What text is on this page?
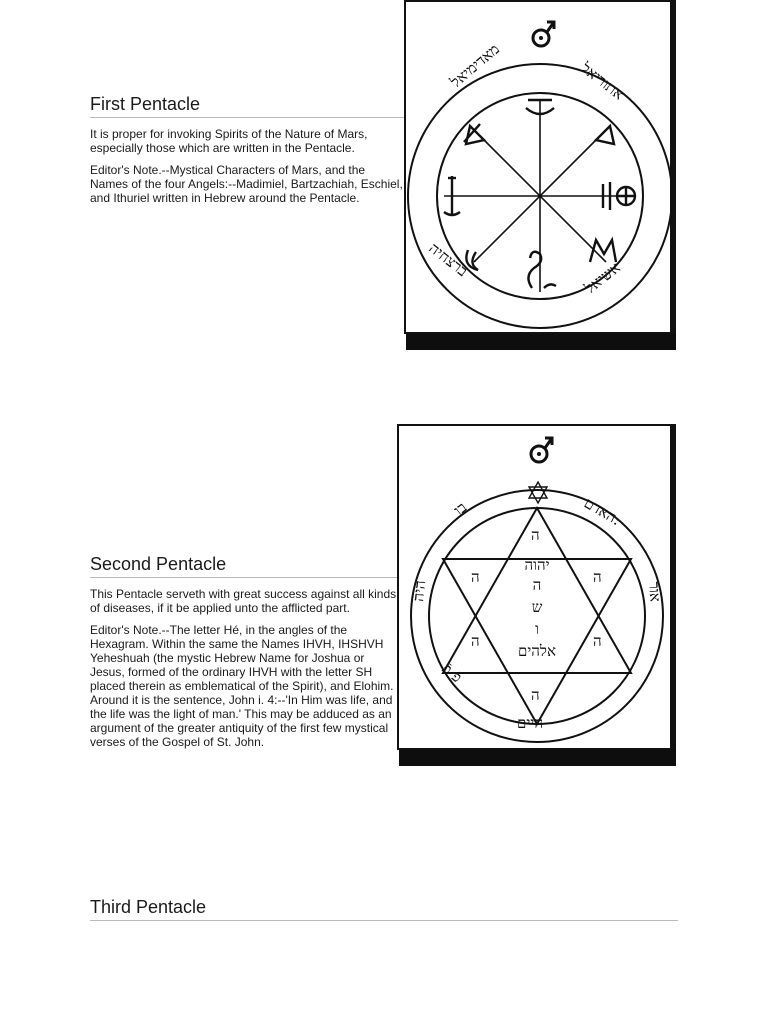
First Pentacle

It is proper for invoking Spirits of the Nature of Mars, especially those which are written in the Pentacle.

Editor's Note.--Mystical Characters of Mars, and the Names of the four Angels:--Madimiel, Bartzachiah, Eschiel, and Ithuriel written in Hebrew around the Pentacle.

מאדימיאל	אתוריאל
ברצחיה	אשיאל
Second Pentacle

This Pentacle serveth with great success against all kinds of diseases, if it be applied unto the afflicted part.

Editor's Note.--The letter Hé, in the angles of the Hexagram. Within the same the Names IHVH, IHSHVH Yeheshuah (the mystic Hebrew Name for Joshua or Jesus, formed of the ordinary IHVH with the letter SH placed therein as emblematical of the Spirit), and Elohim. Around it is the sentence, John i. 4:--'In Him was life, and the life was the light of man.' This may be adduced as an argument of the greater antiquity of the first few mystical verses of the Gospel of St. John.

ה
ה	ה
ה	ה
ה
יהוה
ה
ש
ו
אלהים
האדם:
בו
היה	אור
חיים
פֿ פֿ
Third Pentacle
